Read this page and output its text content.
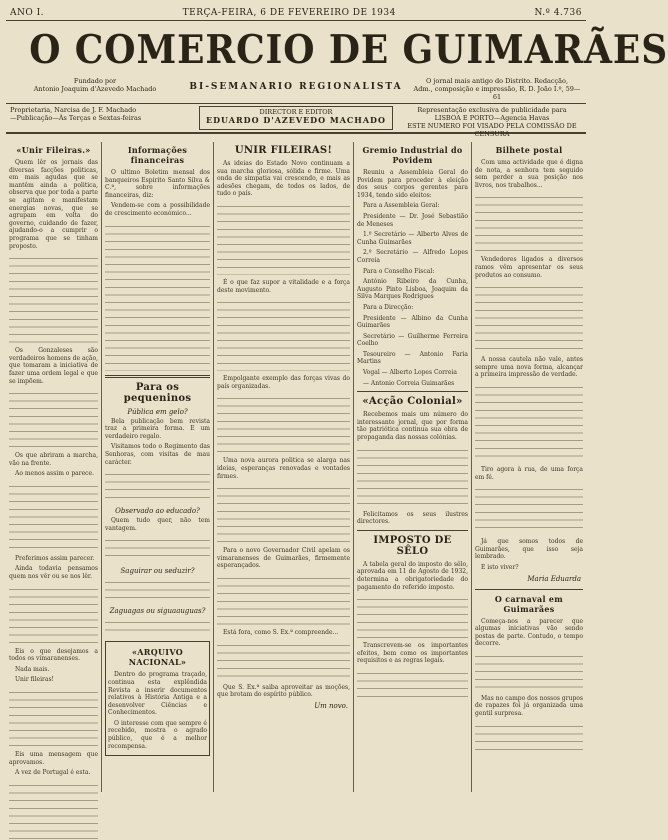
ANO I.	TERÇA-FEIRA, 6 DE FEVEREIRO DE 1934	N.º 4.736
O COMERCIO DE GUIMARÃES
Fundado por
Antonio Joaquim d'Azevedo Machado	BI-SEMANARIO REGIONALISTA
O jornal mais antigo do Distrito. Redacção,
Adm., composição e impressão, R. D. João I.º, 59—61
Proprietaria, Narcisa de J. F. Machado
—Publicação—Às Terças e Sextas-feiras
DIRECTOR E EDITOR
EDUARDO D'AZEVEDO MACHADO
Representação exclusiva de publicidade para
LISBOA E PORTO—Agencia Havas
ESTE NUMERO FOI VISADO PELA COMISSÃO DE CENSURA
«Unir Fileiras.»

Quem lêr os jornais das diversas facções politicas, em mais agudas que se mantêm ainda a politica, observa que por toda a parte se agitam e manifestam energias novas, que se agrupam em volta do governo, cuidando de fazer, ajudando-o a cumprir o programa que se tinham proposto.

Os Gonzaleses são verdadeiros homens de ação, que tomaram a iniciativa de fazer uma ordem legal e que se impõem.

Os que abriram a marcha, vão na frente.

Ao menos assim o parece.

Preferimos assim parecer.

Ainda todavia pensamos quem nos vêr ou se nos lêr.

Eis o que desejamos a todos os vimaranenses.

Nada mais.

Unir fileiras!

Eis uma mensagem que aprovamos.

A vez de Portugal é esta.

Informações financeiras

O ultimo Boletim mensal dos banqueiros Espirito Santo Silva & C.ª, sobre informações financeiras, diz:

Vendem-se com a possibilidade de crescimento económico...

Para os pequeninos
Pública em gelo?

Bela publicação bem revista traz a primeira forma. E um verdadeiro regalo.

Visitamos todo o Regimento das Senhoras, com visitas de mau carácter.

Observado ao educado?

Quem tudo quer, não tem vantagem.

Saguirar ou seduzir?
Zaguagas ou siguaauguas?
«ARQUIVO NACIONAL»

Dentro do programa traçado, continua esta explêndida Revista a inserir documentos relativos à História Antiga e a desenvolver Ciências e Conhecimentos.

O interesse com que sempre é recebido, mostra o agrado público, que é a melhor recompensa.

UNIR FILEIRAS!

As ideias do Estado Novo continuam a sua marcha gloriosa, sólida e firme. Uma onda de simpatia vai crescendo, e mais as adesões chegam, de todos os lados, de tudo o país.

É o que faz supor a vitalidade e a força deste movimento.

Empolgante exemplo das forças vivas do país organizadas.

Uma nova aurora politica se alarga nas ideias, esperanças renovadas e vontades firmes.

Para o novo Governador Civil apelam os vimaranenses de Guimarães, firmemente esperançados.

Está fora, como S. Ex.ª compreende...

Que S. Ex.ª saiba aproveitar as moções, que brotam do espírito público.

Um novo.
Gremio Industrial do Povidem

Reuniu a Assembleia Geral do Povidem para proceder à eleição dos seus corpos gerentes para 1934, tendo sido eleitos:

Para a Assembleia Geral:

Presidente — Dr. José Sebastião de Meneses

1.º Secretário — Alberto Alves de Cunha Guimarães

2.º Secretário — Alfredo Lopes Correia

Para o Conselho Fiscal:

António Ribeiro da Cunha, Augusto Pinto Lisboa, Joaquim da Silva Marques Rodrigues

Para a Direcção:

Presidente — Albino da Cunha Guimarães

Secretário — Guilherme Ferreira Coelho

Tesoureiro — Antonio Faria Martins

Vogal — Alberto Lopes Correia

— Antonio Correia Guimarães

«Acção Colonial»

Recebemos mais um número do interessante jornal, que por forma tão patriótica continua sua obra de propaganda das nossas colónias.

Felicitamos os seus ilustres directores.

IMPOSTO DE SÊLO

A tabela geral do imposto do sêlo, aprovada em 11 de Agosto de 1932, determina a obrigatoriedade do pagamento do referido imposto.

Transcrevem-se os importantes efeitos, bem como os importantes requisitos e as regras legais.

Bilhete postal

Com uma actividade que é digna de nota, a senhora tem seguido sem perder a sua posição nos livros, nos trabalhos...

Vendedores ligados a diversos ramos vêm apresentar os seus produtos ao consumo.

A nossa cautela não vale, antes sempre uma nova forma, alcançar a primeira impressão de verdade.

Tiro agora à rua, de uma força em fé.

Já que somos todos de Guimarães, que isso seja lembrado.

E isto viver?

Maria Eduarda
O carnaval em Guimarães

Começa-nos a parecer que algumas iniciativas vão sendo postas de parte. Contudo, o tempo decorre.

Mas no campo dos nossos grupos de rapazes foi já organizada uma gentil surpresa.
